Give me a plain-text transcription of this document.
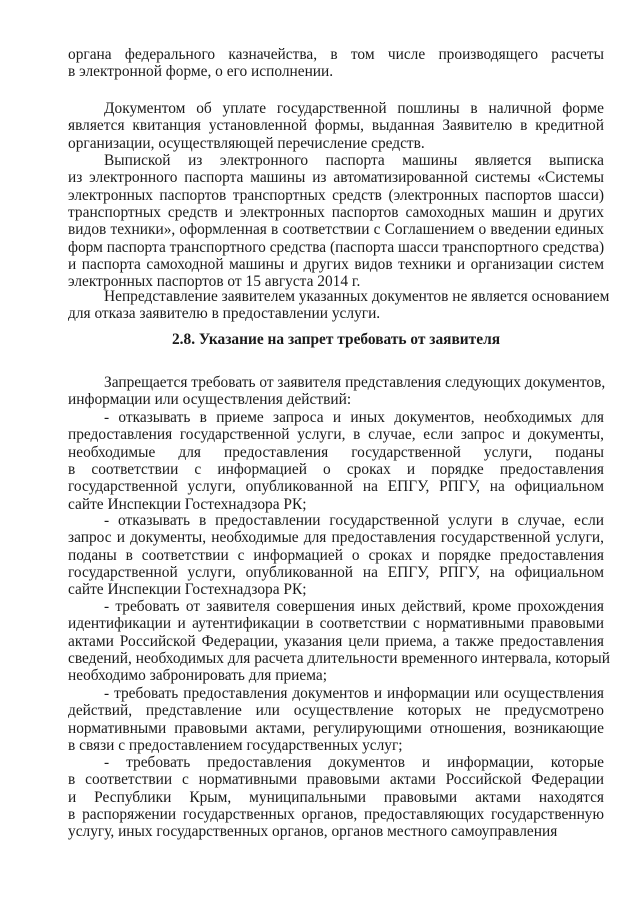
2.8. Указание на запрет требовать от заявителя
органа федерального казначейства, в том числе производящего расчеты
в электронной форме, о его исполнении.
Документом об уплате государственной пошлины в наличной форме
является квитанция установленной формы, выданная Заявителю в кредитной
организации, осуществляющей перечисление средств.
Выпиской из электронного паспорта машины является выписка
из электронного паспорта машины из автоматизированной системы «Системы
электронных паспортов транспортных средств (электронных паспортов шасси)
транспортных средств и электронных паспортов самоходных машин и других
видов техники», оформленная в соответствии с Соглашением о введении единых
форм паспорта транспортного средства (паспорта шасси транспортного средства)
и паспорта самоходной машины и других видов техники и организации систем
электронных паспортов от 15 августа 2014 г.
Непредставление заявителем указанных документов не является основанием
для отказа заявителю в предоставлении услуги.
Запрещается требовать от заявителя представления следующих документов,
информации или осуществления действий:
- отказывать в приеме запроса и иных документов, необходимых для
предоставления государственной услуги, в случае, если запрос и документы,
необходимые для предоставления государственной услуги, поданы
в соответствии с информацией о сроках и порядке предоставления
государственной услуги, опубликованной на ЕПГУ, РПГУ, на официальном
сайте Инспекции Гостехнадзора РК;
- отказывать в предоставлении государственной услуги в случае, если
запрос и документы, необходимые для предоставления государственной услуги,
поданы в соответствии с информацией о сроках и порядке предоставления
государственной услуги, опубликованной на ЕПГУ, РПГУ, на официальном
сайте Инспекции Гостехнадзора РК;
- требовать от заявителя совершения иных действий, кроме прохождения
идентификации и аутентификации в соответствии с нормативными правовыми
актами Российской Федерации, указания цели приема, а также предоставления
сведений, необходимых для расчета длительности временного интервала, который
необходимо забронировать для приема;
- требовать предоставления документов и информации или осуществления
действий, представление или осуществление которых не предусмотрено
нормативными правовыми актами, регулирующими отношения, возникающие
в связи с предоставлением государственных услуг;
- требовать предоставления документов и информации, которые
в соответствии с нормативными правовыми актами Российской Федерации
и Республики Крым, муниципальными правовыми актами находятся
в распоряжении государственных органов, предоставляющих государственную
услугу, иных государственных органов, органов местного самоуправления
